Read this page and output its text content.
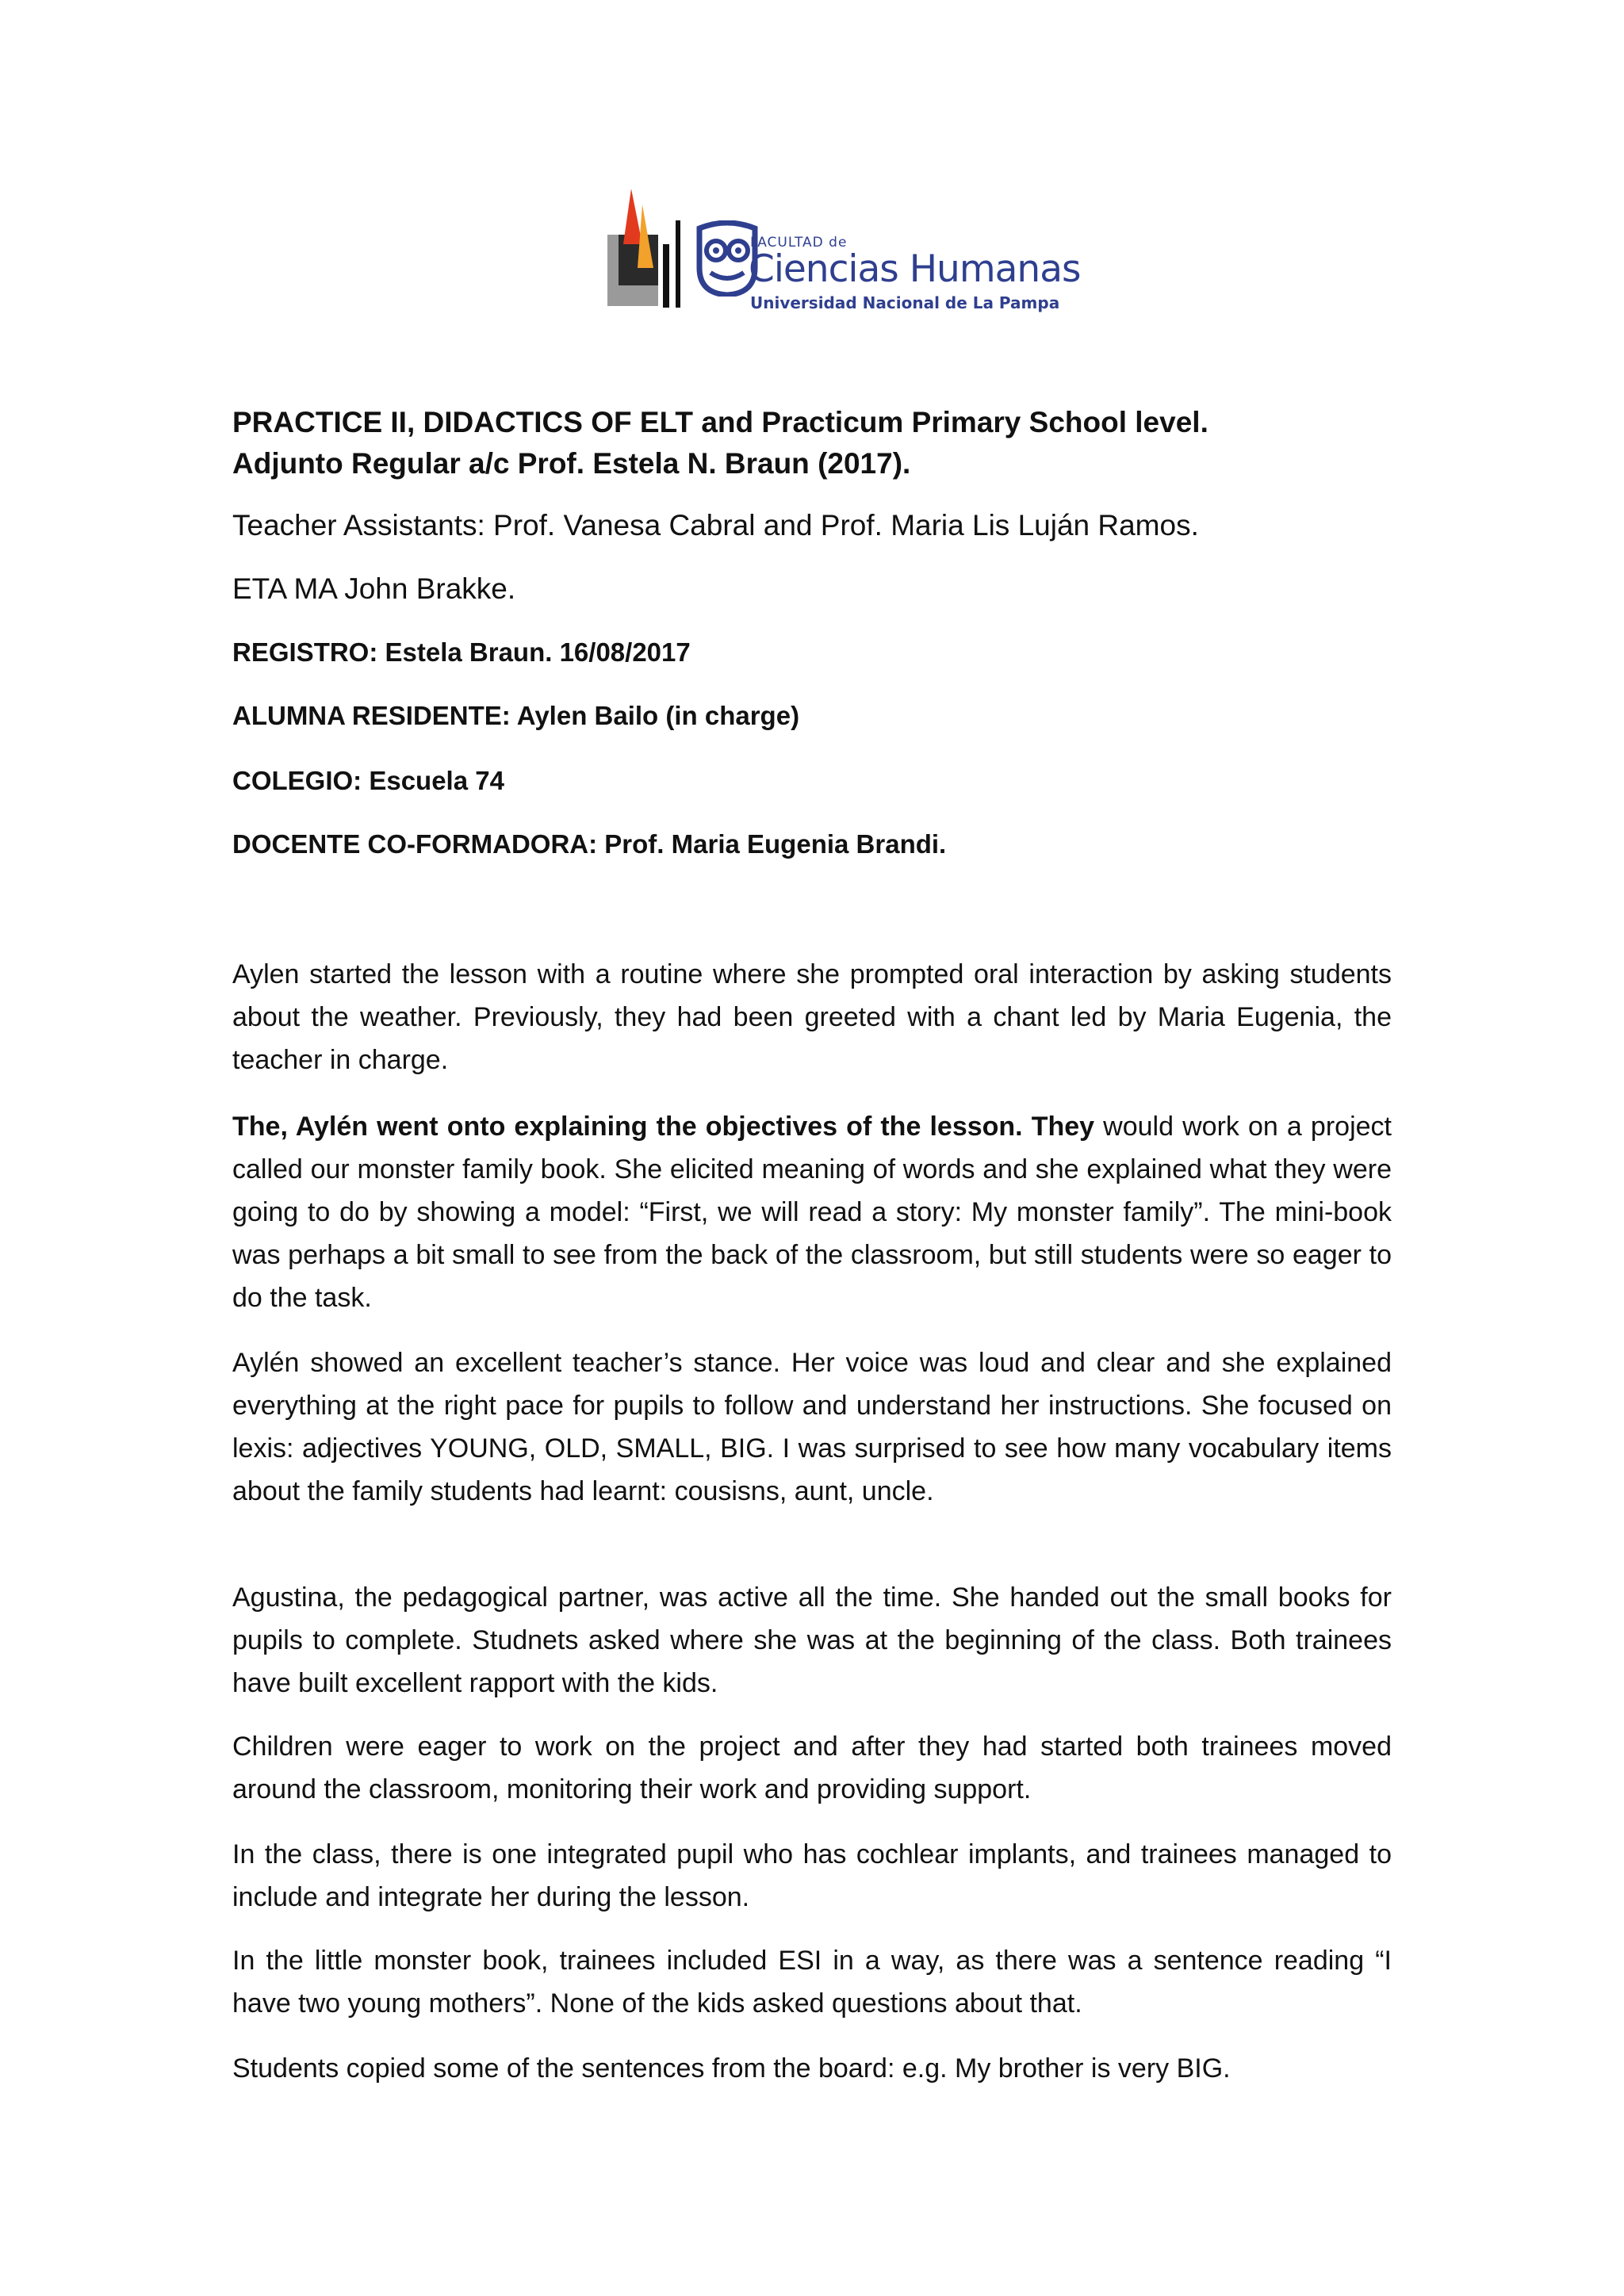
FACULTAD de
Ciencias Humanas
Universidad Nacional de La Pampa
PRACTICE II, DIDACTICS OF ELT and Practicum Primary School level.
Adjunto Regular a/c Prof. Estela N. Braun (2017).
Teacher Assistants: Prof. Vanesa Cabral and Prof. Maria Lis Luján Ramos.
ETA MA John Brakke.
REGISTRO: Estela Braun. 16/08/2017
ALUMNA RESIDENTE: Aylen Bailo (in charge)
COLEGIO: Escuela 74
DOCENTE CO-FORMADORA: Prof. Maria Eugenia Brandi.
Aylen started the lesson with a routine where she prompted oral interaction by asking students about the weather. Previously, they had been greeted with a chant led by Maria Eugenia, the teacher in charge.
The, Aylén went onto explaining the objectives of the lesson. They would work on a project called our monster family book. She elicited meaning of words and she explained what they were going to do by showing a model: “First, we will read a story: My monster family”. The mini-book was perhaps a bit small to see from the back of the classroom, but still students were so eager to do the task.
Aylén showed an excellent teacher’s stance. Her voice was loud and clear and she explained everything at the right pace for pupils to follow and understand her instructions. She focused on lexis: adjectives YOUNG, OLD, SMALL, BIG. I was surprised to see how many vocabulary items about the family students had learnt: cousisns, aunt, uncle.
Agustina, the pedagogical partner, was active all the time. She handed out the small books for pupils to complete. Studnets asked where she was at the beginning of the class. Both trainees have built excellent rapport with the kids.
Children were eager to work on the project and after they had started both trainees moved around the classroom, monitoring their work and providing support.
In the class, there is one integrated pupil who has cochlear implants, and trainees managed to include and integrate her during the lesson.
In the little monster book, trainees included ESI in a way, as there was a sentence reading “I have two young mothers”. None of the kids asked questions about that.
Students copied some of the sentences from the board: e.g. My brother is very BIG.
